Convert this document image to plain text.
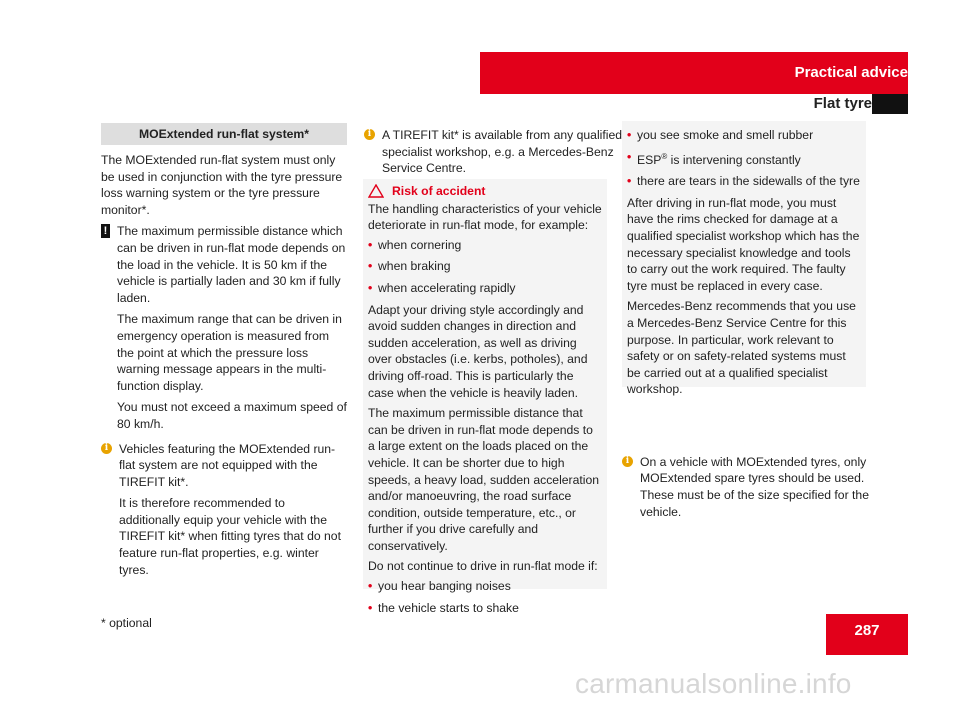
Practical advice
Flat tyre
MOExtended run-flat system*

The MOExtended run-flat system must only be used in conjunction with the tyre pressure loss warning system or the tyre pressure monitor*.

! The maximum permissible distance which can be driven in run-flat mode depends on the load in the vehicle. It is 50 km if the vehicle is partially laden and 30 km if fully laden.

The maximum range that can be driven in emergency operation is measured from the point at which the pressure loss warning message appears in the multi-function display.

You must not exceed a maximum speed of 80 km/h.

i Vehicles featuring the MOExtended run-flat system are not equipped with the TIREFIT kit*.

It is therefore recommended to additionally equip your vehicle with the TIREFIT kit* when fitting tyres that do not feature run-flat properties, e.g. winter tyres.

i A TIREFIT kit* is available from any qualified specialist workshop, e.g. a Mercedes-Benz Service Centre.

Risk of accident

The handling characteristics of your vehicle deteriorate in run-flat mode, for example:

• when cornering
• when braking
• when accelerating rapidly

Adapt your driving style accordingly and avoid sudden changes in direction and sudden acceleration, as well as driving over obstacles (i.e. kerbs, potholes), and driving off-road. This is particularly the case when the vehicle is heavily laden.

The maximum permissible distance that can be driven in run-flat mode depends to a large extent on the loads placed on the vehicle. It can be shorter due to high speeds, a heavy load, sudden acceleration and/or manoeuvring, the road surface condition, outside temperature, etc., or further if you drive carefully and conservatively.

Do not continue to drive in run-flat mode if:

• you hear banging noises
• the vehicle starts to shake
• you see smoke and smell rubber
• ESP® is intervening constantly
• there are tears in the sidewalls of the tyre

After driving in run-flat mode, you must have the rims checked for damage at a qualified specialist workshop which has the necessary specialist knowledge and tools to carry out the work required. The faulty tyre must be replaced in every case.

Mercedes-Benz recommends that you use a Mercedes-Benz Service Centre for this purpose. In particular, work relevant to safety or on safety-related systems must be carried out at a qualified specialist workshop.

i On a vehicle with MOExtended tyres, only MOExtended spare tyres should be used. These must be of the size specified for the vehicle.

* optional	287
carmanualsonline.info
